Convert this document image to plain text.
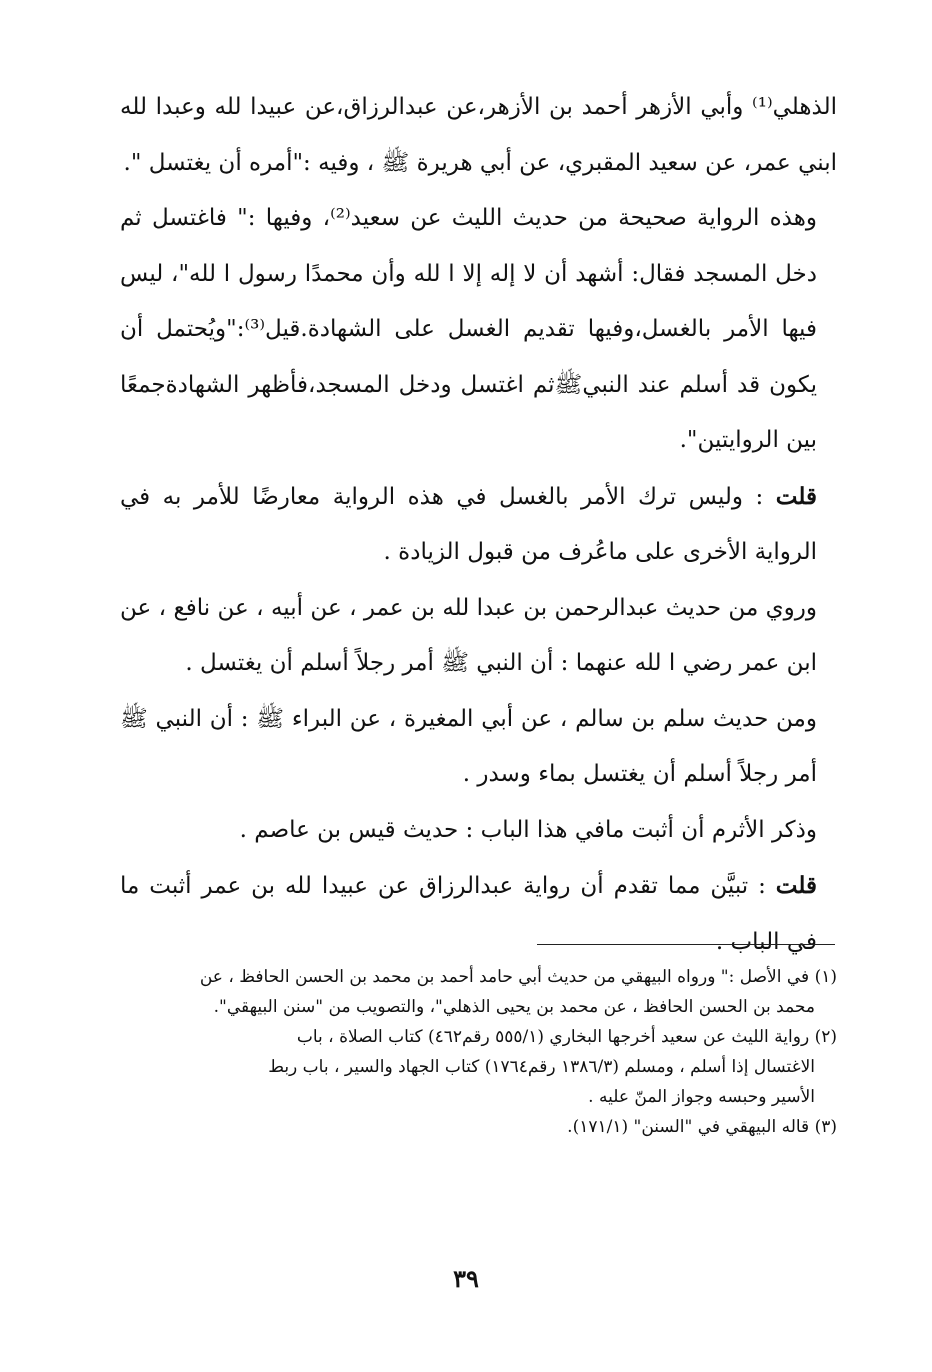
الذهلي⁽¹⁾ وأبي الأزهر أحمد بن الأزهر،عن عبدالرزاق،عن عبيدا لله وعبدا لله ابني عمر، عن سعيد المقبري، عن أبي هريرة ﷺ ، وفيه :"أمره أن يغتسل ".

وهذه الرواية صحيحة من حديث الليث عن سعيد⁽²⁾، وفيها :" فاغتسل ثم دخل المسجد فقال: أشهد أن لا إله إلا ا لله وأن محمدًا رسول ا لله"، ليس فيها الأمر بالغسل،وفيها تقديم الغسل على الشهادة.قيل⁽³⁾:"ويُحتمل أن يكون قد أسلم عند النبيﷺثم اغتسل ودخل المسجد،فأظهر الشهادةجمعًا بين الروايتين".

قلت : وليس ترك الأمر بالغسل في هذه الرواية معارضًا للأمر به في الرواية الأخرى على ماعُرف من قبول الزيادة .

وروي من حديث عبدالرحمن بن عبدا لله بن عمر ، عن أبيه ، عن نافع ، عن ابن عمر رضي ا لله عنهما : أن النبي ﷺ أمر رجلاً أسلم أن يغتسل .

ومن حديث سلم بن سالم ، عن أبي المغيرة ، عن البراء ﷺ : أن النبي ﷺ أمر رجلاً أسلم أن يغتسل بماء وسدر .

وذكر الأثرم أن أثبت مافي هذا الباب : حديث قيس بن عاصم .

قلت : تبيَّن مما تقدم أن رواية عبدالرزاق عن عبيدا لله بن عمر أثبت ما في الباب .

(١) في الأصل :" ورواه البيهقي من حديث أبي حامد أحمد بن محمد بن الحسن الحافظ ، عن

محمد بن الحسن الحافظ ، عن محمد بن يحيى الذهلي"، والتصويب من "سنن البيهقي".

(٢) رواية الليث عن سعيد أخرجها البخاري (٥٥٥/١ رقم٤٦٢) كتاب الصلاة ، باب

الاغتسال إذا أسلم ، ومسلم (١٣٨٦/٣ رقم١٧٦٤) كتاب الجهاد والسير ، باب ربط

الأسير وحبسه وجواز المنّ عليه .

(٣) قاله البيهقي في "السنن" (١٧١/١).

٣٩
